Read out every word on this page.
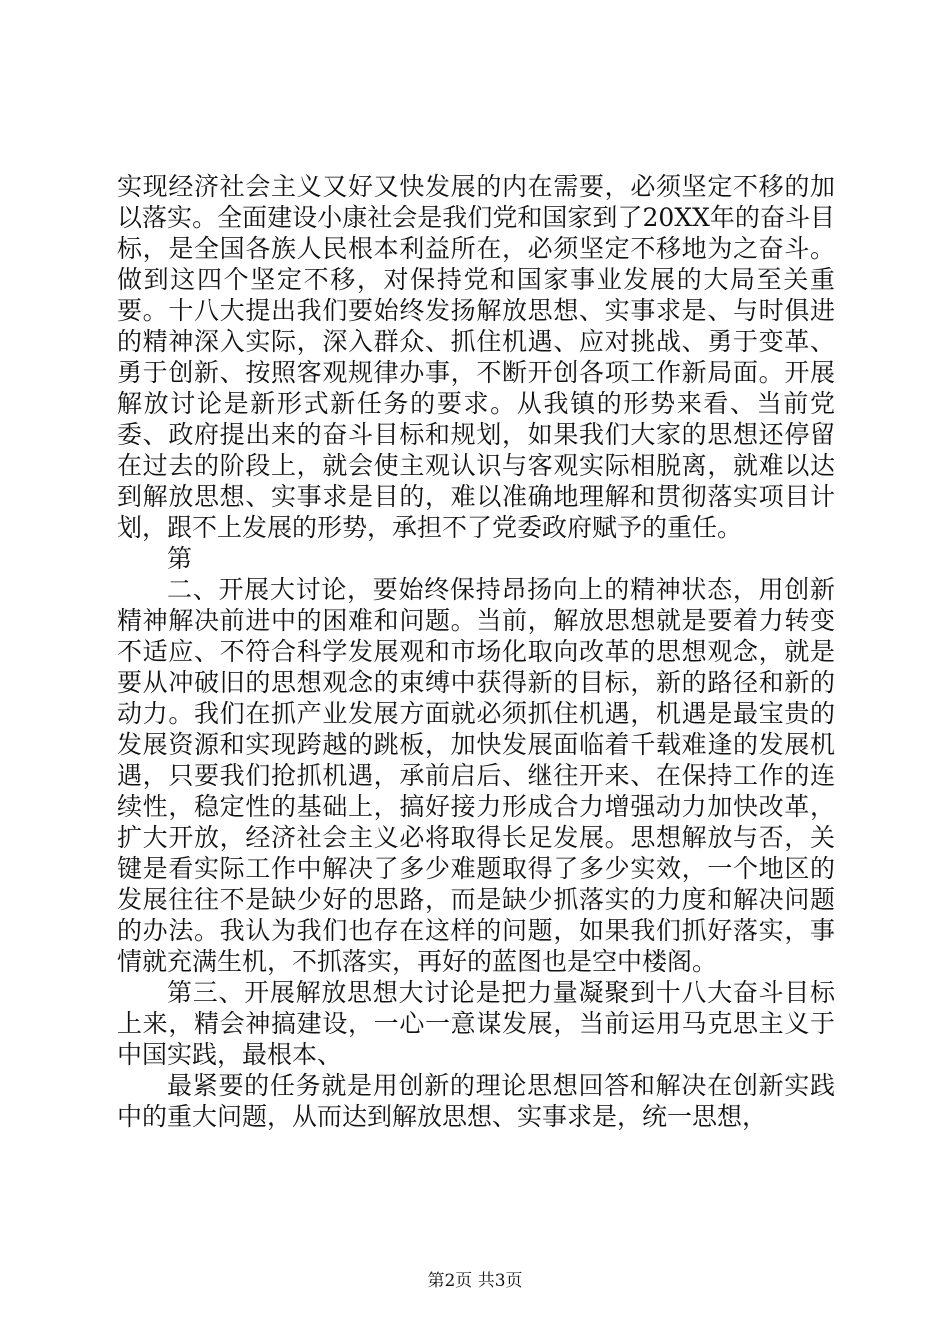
实现经济社会主义又好又快发展的内在需要，必须坚定不移的加以落实。全面建设小康社会是我们党和国家到了20XX年的奋斗目标，是全国各族人民根本利益所在，必须坚定不移地为之奋斗。做到这四个坚定不移，对保持党和国家事业发展的大局至关重要。十八大提出我们要始终发扬解放思想、实事求是、与时俱进的精神深入实际，深入群众、抓住机遇、应对挑战、勇于变革、勇于创新、按照客观规律办事，不断开创各项工作新局面。开展解放讨论是新形式新任务的要求。从我镇的形势来看、当前党委、政府提出来的奋斗目标和规划，如果我们大家的思想还停留在过去的阶段上，就会使主观认识与客观实际相脱离，就难以达到解放思想、实事求是目的，难以准确地理解和贯彻落实项目计划，跟不上发展的形势，承担不了党委政府赋予的重任。

第

二、开展大讨论，要始终保持昂扬向上的精神状态，用创新精神解决前进中的困难和问题。当前，解放思想就是要着力转变不适应、不符合科学发展观和市场化取向改革的思想观念，就是要从冲破旧的思想观念的束缚中获得新的目标，新的路径和新的动力。我们在抓产业发展方面就必须抓住机遇，机遇是最宝贵的发展资源和实现跨越的跳板，加快发展面临着千载难逢的发展机遇，只要我们抢抓机遇，承前启后、继往开来、在保持工作的连续性，稳定性的基础上，搞好接力形成合力增强动力加快改革，扩大开放，经济社会主义必将取得长足发展。思想解放与否，关键是看实际工作中解决了多少难题取得了多少实效，一个地区的发展往往不是缺少好的思路，而是缺少抓落实的力度和解决问题的办法。我认为我们也存在这样的问题，如果我们抓好落实，事情就充满生机，不抓落实，再好的蓝图也是空中楼阁。

第三、开展解放思想大讨论是把力量凝聚到十八大奋斗目标上来，精会神搞建设，一心一意谋发展，当前运用马克思主义于中国实践，最根本、

最紧要的任务就是用创新的理论思想回答和解决在创新实践中的重大问题，从而达到解放思想、实事求是，统一思想，

第2页 共3页
